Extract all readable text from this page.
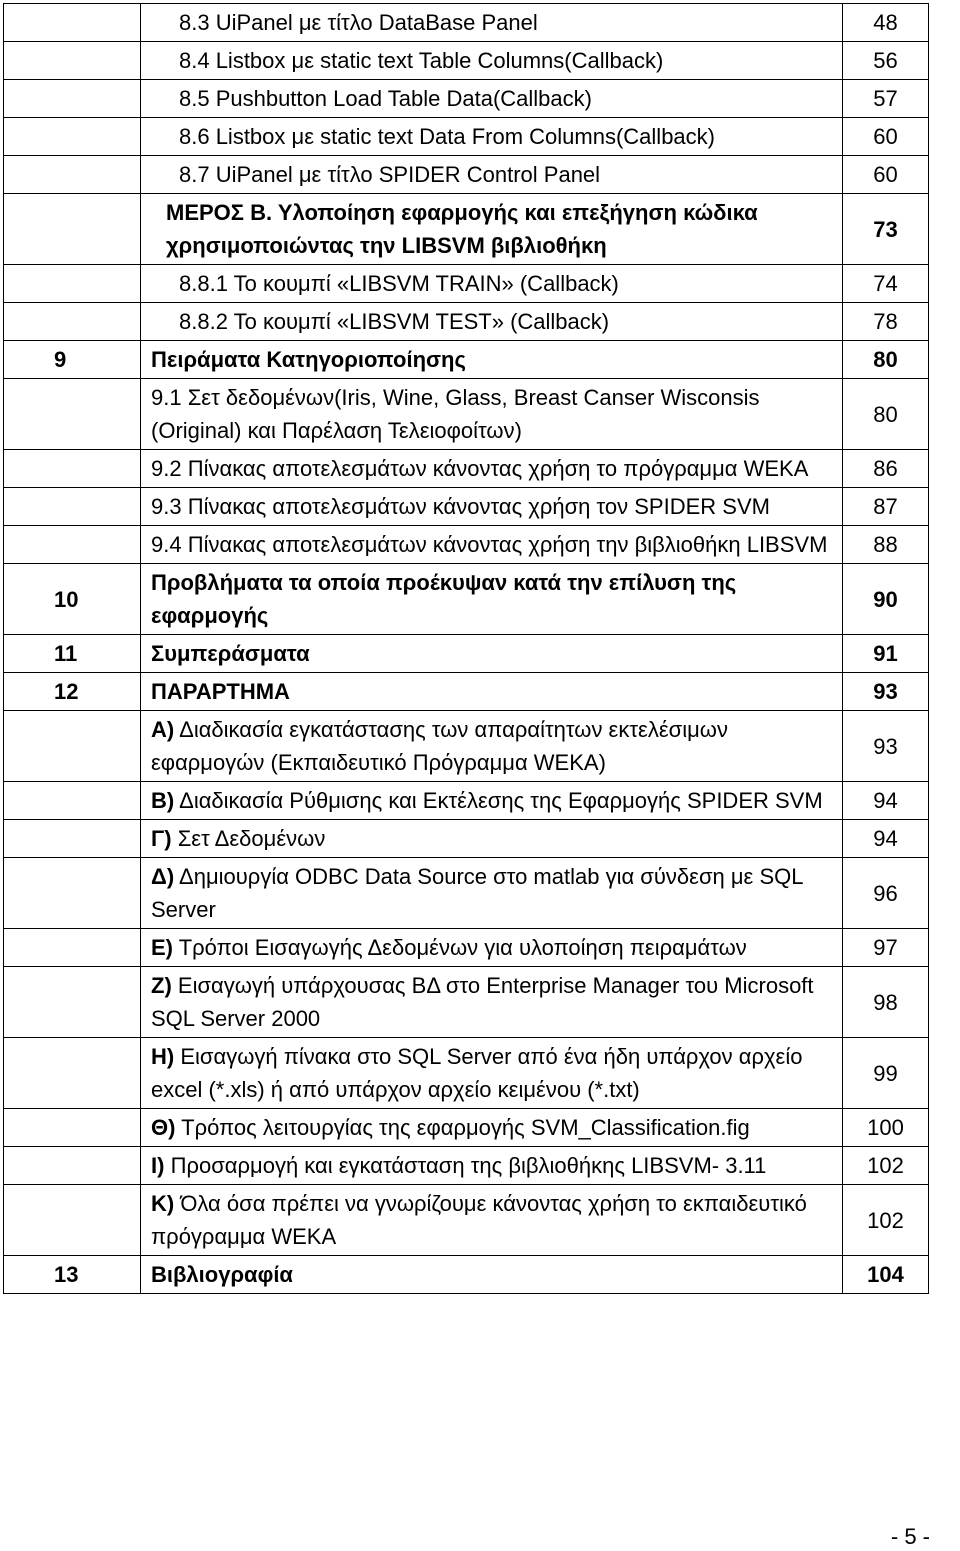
	8.3 UiPanel με τίτλο DataBase Panel	48
	8.4 Listbox με static text Table Columns(Callback)	56
	8.5 Pushbutton Load Table Data(Callback)	57
	8.6 Listbox με static text Data From Columns(Callback)	60
	8.7 UiPanel με τίτλο SPIDER Control Panel	60
	ΜΕΡΟΣ Β. Υλοποίηση εφαρμογής και επεξήγηση κώδικα χρησιμοποιώντας την LIBSVM βιβλιοθήκη	73
	8.8.1 Το κουμπί «LIBSVM TRAIN» (Callback)	74
	8.8.2 Το κουμπί «LIBSVM TEST» (Callback)	78
9	Πειράματα Κατηγοριοποίησης	80
	9.1 Σετ δεδομένων(Iris, Wine, Glass, Breast Canser Wisconsis (Original) και Παρέλαση Τελειοφοίτων)	80
	9.2 Πίνακας αποτελεσμάτων κάνοντας χρήση το πρόγραμμα WEKA	86
	9.3 Πίνακας αποτελεσμάτων κάνοντας χρήση τον SPIDER SVM	87
	9.4 Πίνακας αποτελεσμάτων κάνοντας χρήση την βιβλιοθήκη LIBSVM	88
10	Προβλήματα τα οποία προέκυψαν κατά την επίλυση της εφαρμογής	90
11	Συμπεράσματα	91
12	ΠΑΡΑΡΤΗΜΑ	93
	Α) Διαδικασία εγκατάστασης των απαραίτητων εκτελέσιμων εφαρμογών (Εκπαιδευτικό Πρόγραμμα WEKA)	93
	Β) Διαδικασία Ρύθμισης και Εκτέλεσης της Εφαρμογής SPIDER SVM	94
	Γ) Σετ Δεδομένων	94
	Δ) Δημιουργία ODBC Data Source στο matlab για σύνδεση με SQL Server	96
	Ε) Τρόποι Εισαγωγής Δεδομένων για υλοποίηση πειραμάτων	97
	Ζ) Εισαγωγή υπάρχουσας ΒΔ στο Enterprise Manager του Microsoft SQL Server 2000	98
	Η) Εισαγωγή πίνακα στο SQL Server από ένα ήδη υπάρχον αρχείο excel (*.xls) ή από υπάρχον αρχείο κειμένου (*.txt)	99
	Θ) Τρόπος λειτουργίας της εφαρμογής SVM_Classification.fig	100
	Ι) Προσαρμογή και εγκατάσταση της βιβλιοθήκης LIBSVM- 3.11	102
	Κ) Όλα όσα πρέπει να γνωρίζουμε κάνοντας χρήση το εκπαιδευτικό πρόγραμμα WEKA	102
13	Βιβλιογραφία	104
- 5 -
